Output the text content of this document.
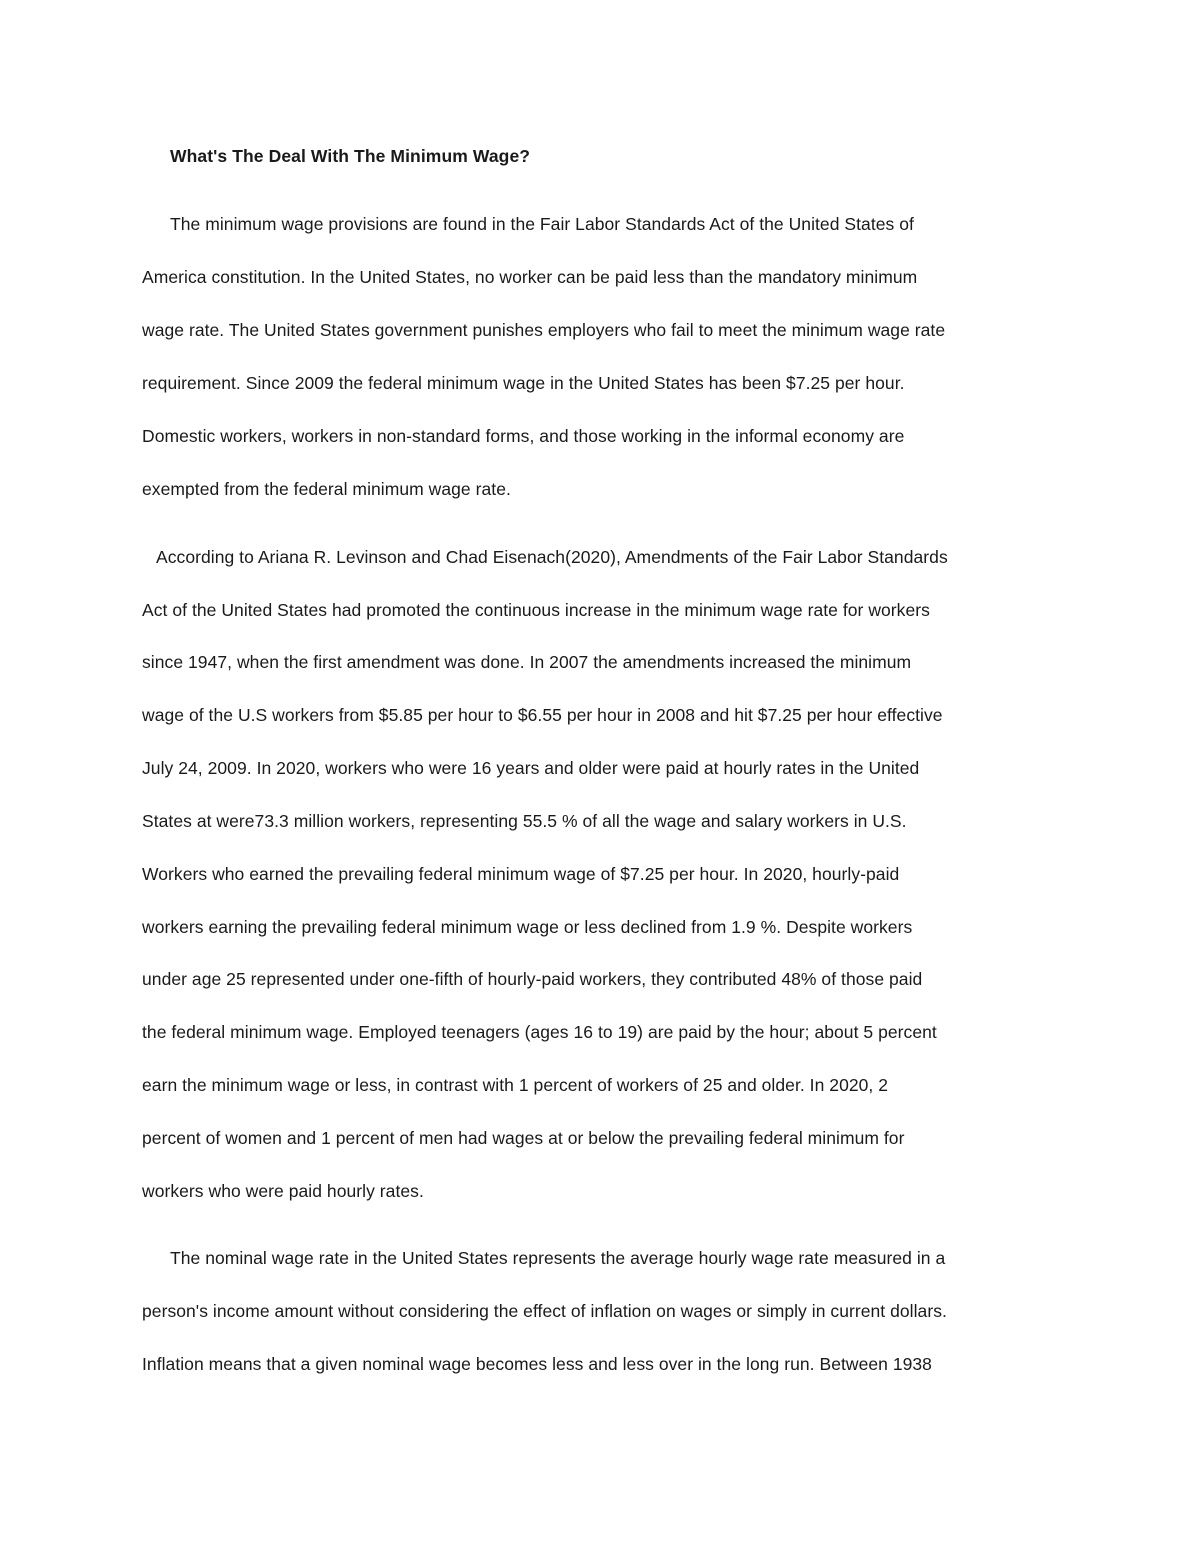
What's The Deal With The Minimum Wage?
The minimum wage provisions are found in the Fair Labor Standards Act of the United States of
America constitution. In the United States, no worker can be paid less than the mandatory minimum
wage rate. The United States government punishes employers who fail to meet the minimum wage rate
requirement. Since 2009 the federal minimum wage in the United States has been $7.25 per hour.
Domestic workers, workers in non-standard forms, and those working in the informal economy are
exempted from the federal minimum wage rate.
According to Ariana R. Levinson and Chad Eisenach(2020), Amendments of the Fair Labor Standards
Act of the United States had promoted the continuous increase in the minimum wage rate for workers
since 1947, when the first amendment was done. In 2007 the amendments increased the minimum
wage of the U.S workers from $5.85 per hour to $6.55 per hour in 2008 and hit $7.25 per hour effective
July 24, 2009. In 2020, workers who were 16 years and older were paid at hourly rates in the United
States at were73.3 million workers, representing 55.5 % of all the wage and salary workers in U.S.
Workers who earned the prevailing federal minimum wage of $7.25 per hour. In 2020, hourly-paid
workers earning the prevailing federal minimum wage or less declined from 1.9 %. Despite workers
under age 25 represented under one-fifth of hourly-paid workers, they contributed 48% of those paid
the federal minimum wage. Employed teenagers (ages 16 to 19) are paid by the hour; about 5 percent
earn the minimum wage or less, in contrast with 1 percent of workers of 25 and older. In 2020, 2
percent of women and 1 percent of men had wages at or below the prevailing federal minimum for
workers who were paid hourly rates.
The nominal wage rate in the United States represents the average hourly wage rate measured in a
person's income amount without considering the effect of inflation on wages or simply in current dollars.
Inflation means that a given nominal wage becomes less and less over in the long run. Between 1938
